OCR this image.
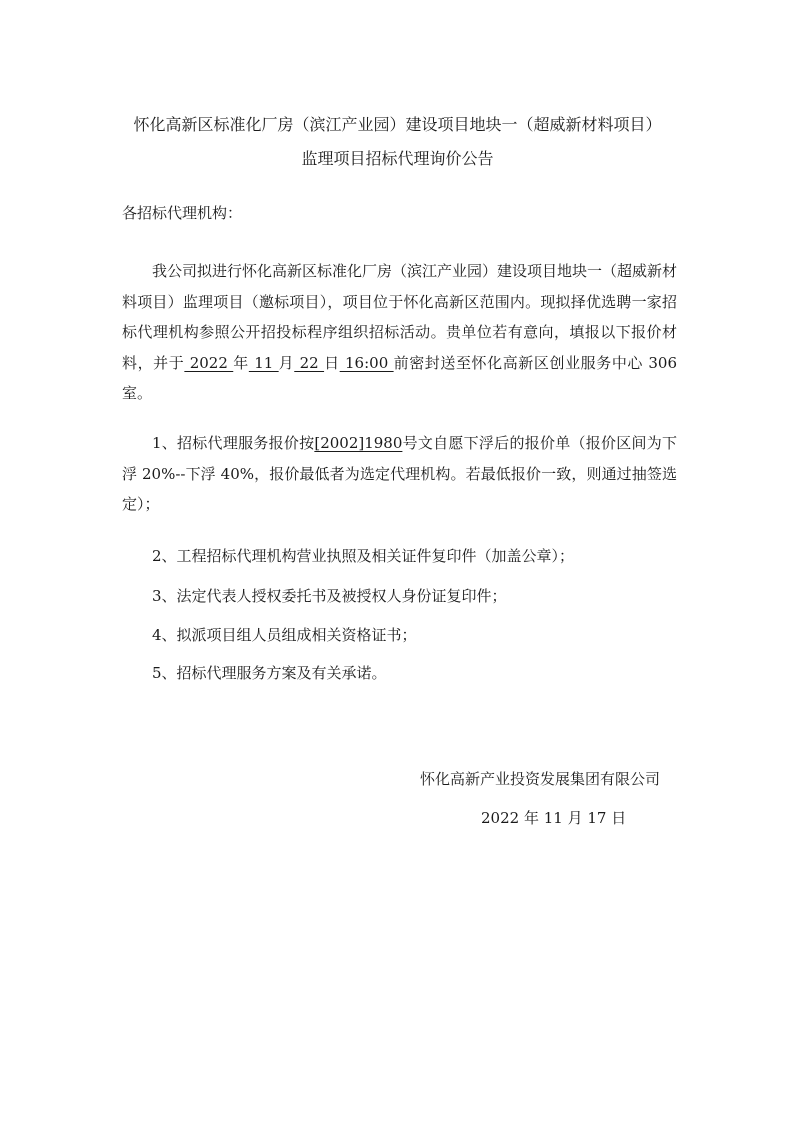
怀化高新区标准化厂房（滨江产业园）建设项目地块一（超威新材料项目）
监理项目招标代理询价公告
各招标代理机构：

我公司拟进行怀化高新区标准化厂房（滨江产业园）建设项目地块一（超威新材料项目）监理项目（邀标项目），项目位于怀化高新区范围内。现拟择优选聘一家招标代理机构参照公开招投标程序组织招标活动。贵单位若有意向，填报以下报价材料，并于 2022 年 11 月 22 日 16:00 前密封送至怀化高新区创业服务中心 306 室。

1、招标代理服务报价按[2002]1980号文自愿下浮后的报价单（报价区间为下浮 20%--下浮 40%，报价最低者为选定代理机构。若最低报价一致，则通过抽签选定）；

2、工程招标代理机构营业执照及相关证件复印件（加盖公章）；
3、法定代表人授权委托书及被授权人身份证复印件；
4、拟派项目组人员组成相关资格证书；
5、招标代理服务方案及有关承诺。
怀化高新产业投资发展集团有限公司
2022 年 11 月 17 日
